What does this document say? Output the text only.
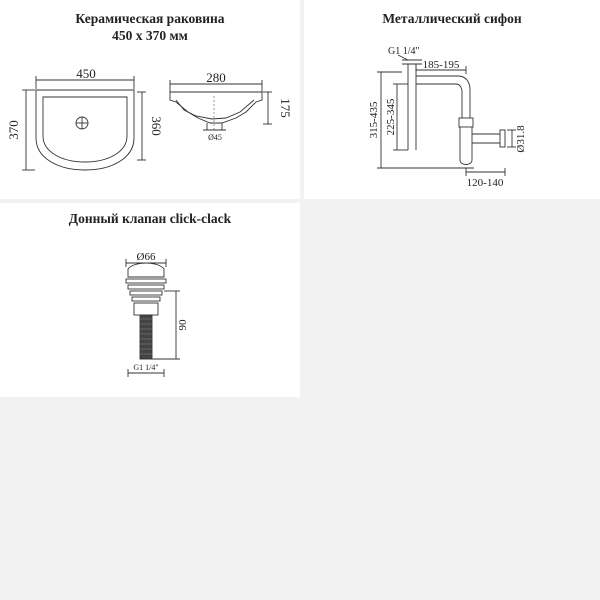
Керамическая раковина
450 x 370 мм
450
370	360
280
175
Ø45
Металлический сифон
G1 1/4"
185-195
315-435 225-345
Ø31.8
120-140
Донный клапан click-clack
Ø66
90
G1 1/4"
